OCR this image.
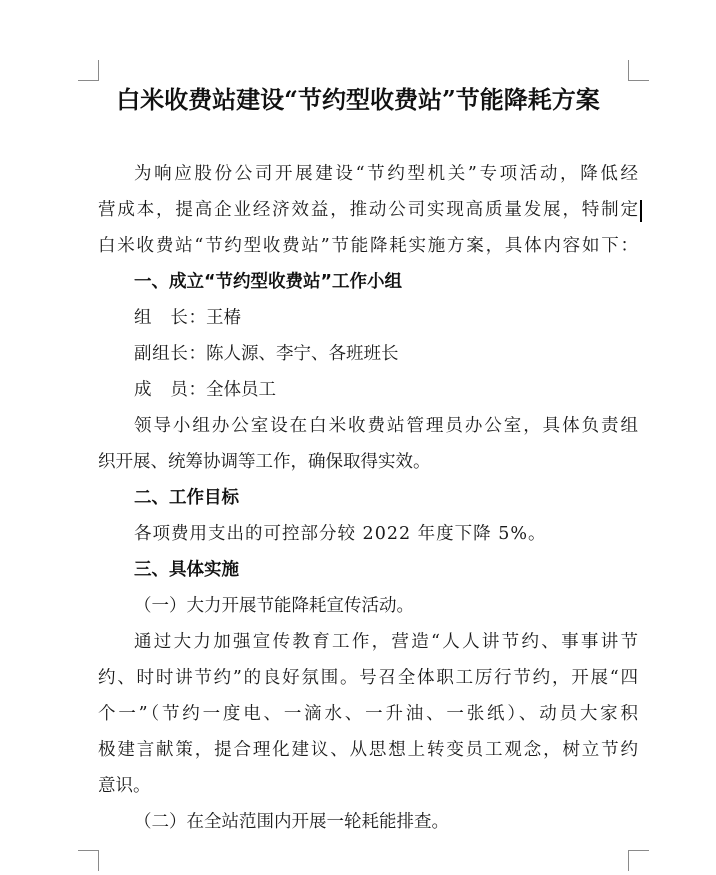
白米收费站建设“节约型收费站”节能降耗方案
为响应股份公司开展建设“节约型机关”专项活动，降低经
营成本，提高企业经济效益，推动公司实现高质量发展，特制定
白米收费站“节约型收费站”节能降耗实施方案，具体内容如下：
一、成立“节约型收费站”工作小组
组　长：王椿
副组长：陈人源、李宁、各班班长
成　员：全体员工
领导小组办公室设在白米收费站管理员办公室，具体负责组
织开展、统筹协调等工作，确保取得实效。
二、工作目标
各项费用支出的可控部分较 2022 年度下降 5%。
三、具体实施
（一）大力开展节能降耗宣传活动。
通过大力加强宣传教育工作，营造“人人讲节约、事事讲节
约、时时讲节约”的良好氛围。号召全体职工厉行节约，开展“四
个一”（节约一度电、一滴水、一升油、一张纸）、动员大家积
极建言献策，提合理化建议、从思想上转变员工观念，树立节约
意识。
（二）在全站范围内开展一轮耗能排查。
